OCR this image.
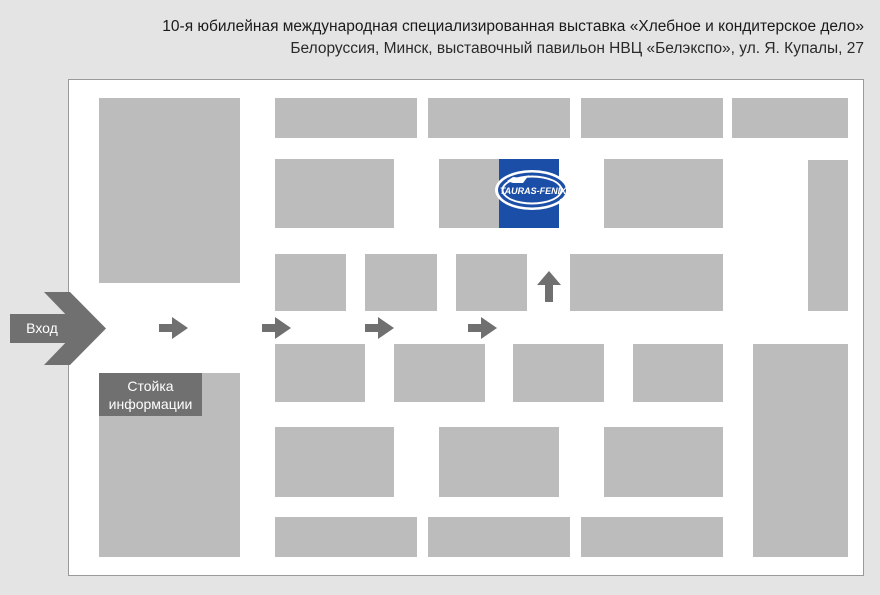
10-я юбилейная международная специализированная выставка «Хлебное и кондитерское дело»
Белоруссия, Минск, выставочный павильон НВЦ «Белэкспо», ул. Я. Купалы, 27
TAURAS-FENIX
Вход
Стойка информации
